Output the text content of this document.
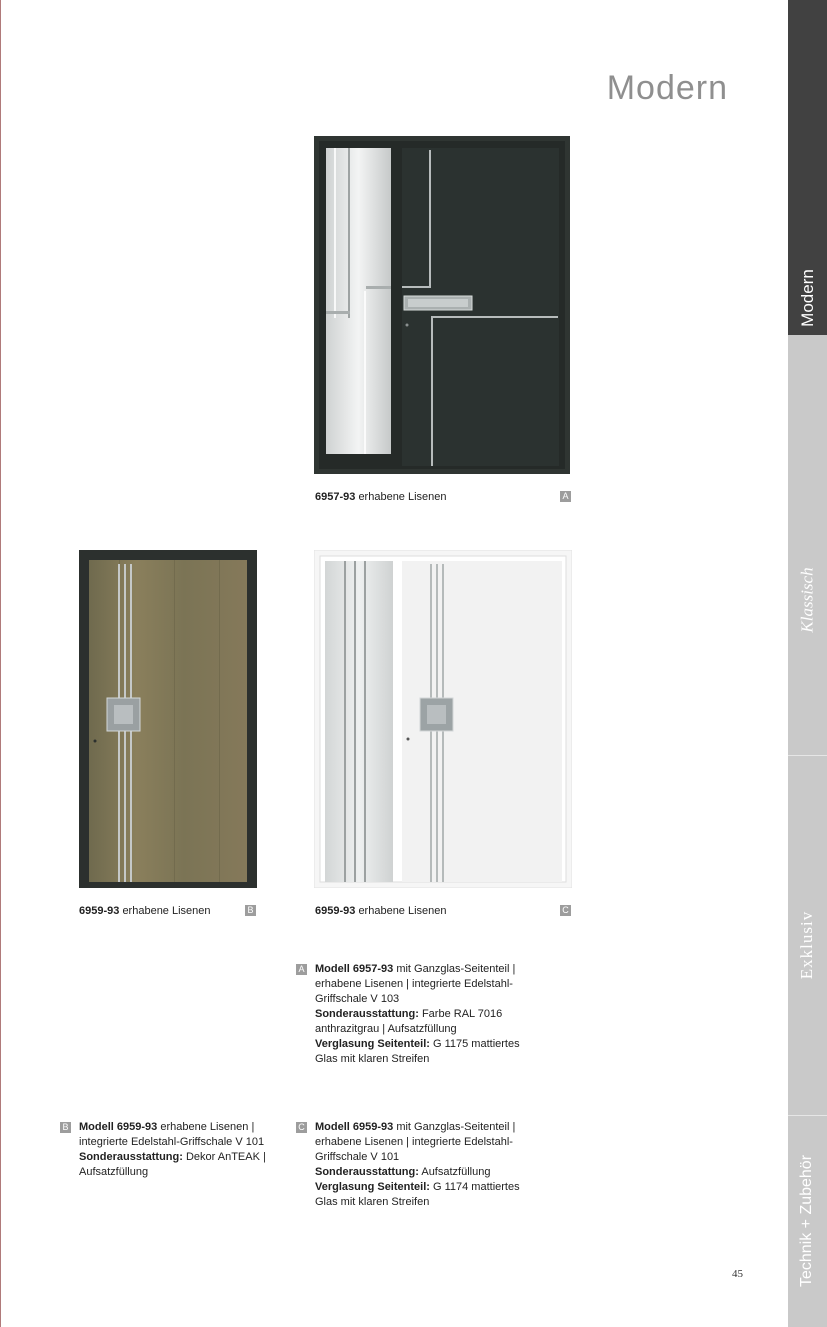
Modern
Modern
Klassisch
Exklusiv
Technik + Zubehör
6957-93 erhabene Lisenen	A
6959-93 erhabene Lisenen	B	6959-93 erhabene Lisenen	C
A Modell 6957-93 mit Ganzglas-Seitenteil | erhabene Lisenen | integrierte Edelstahl-Griffschale V 103
Sonderausstattung: Farbe RAL 7016 anthrazitgrau | Aufsatzfüllung
Verglasung Seitenteil: G 1175 mattiertes Glas mit klaren Streifen
B Modell 6959-93 erhabene Lisenen | integrierte Edelstahl-Griffschale V 101
Sonderausstattung: Dekor AnTEAK | Aufsatzfüllung
C Modell 6959-93 mit Ganzglas-Seitenteil | erhabene Lisenen | integrierte Edelstahl-Griffschale V 101
Sonderausstattung: Aufsatzfüllung
Verglasung Seitenteil: G 1174 mattiertes Glas mit klaren Streifen
45
